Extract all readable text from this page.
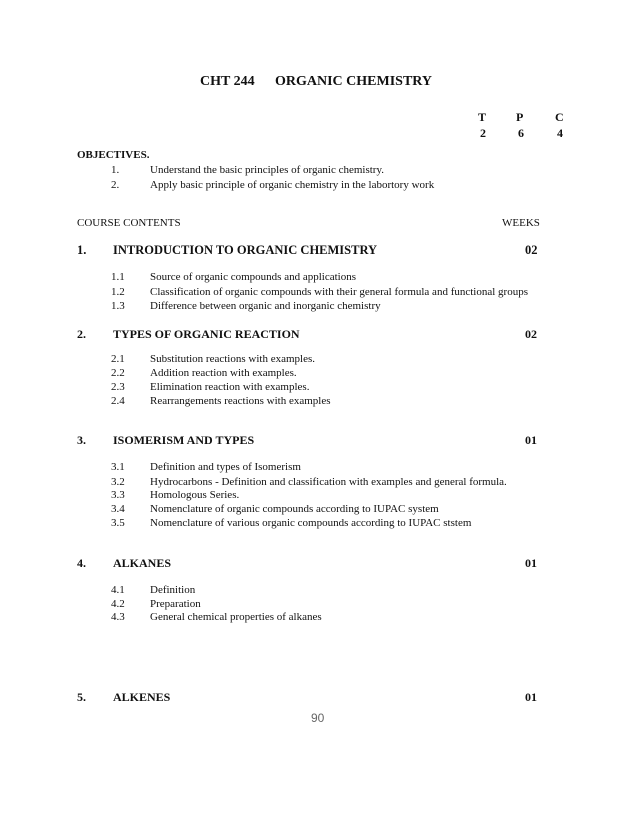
CHT 244 ORGANIC CHEMISTRY
T P	C
2	6	4
OBJECTIVES.
1.	Understand the basic principles of organic chemistry.
2.	Apply basic principle of organic chemistry in the labortory work
COURSE CONTENTS	WEEKS
1. INTRODUCTION TO ORGANIC CHEMISTRY	02
1.1 Source of organic compounds and applications
1.2 Classification of organic compounds with their general formula and functional groups
1.3 Difference between organic and inorganic chemistry
2. TYPES OF ORGANIC REACTION	02
2.1 Substitution reactions with examples.
2.2 Addition reaction with examples.
2.3 Elimination reaction with examples.
2.4 Rearrangements reactions with examples
3. ISOMERISM AND TYPES	01
3.1 Definition and types of Isomerism
3.2 Hydrocarbons - Definition and classification with examples and general formula.
3.3 Homologous Series.
3.4 Nomenclature of organic compounds according to IUPAC system
3.5 Nomenclature of various organic compounds according to IUPAC ststem
4. ALKANES	01
4.1 Definition
4.2 Preparation
4.3 General chemical properties of alkanes
5. ALKENES	01
90
